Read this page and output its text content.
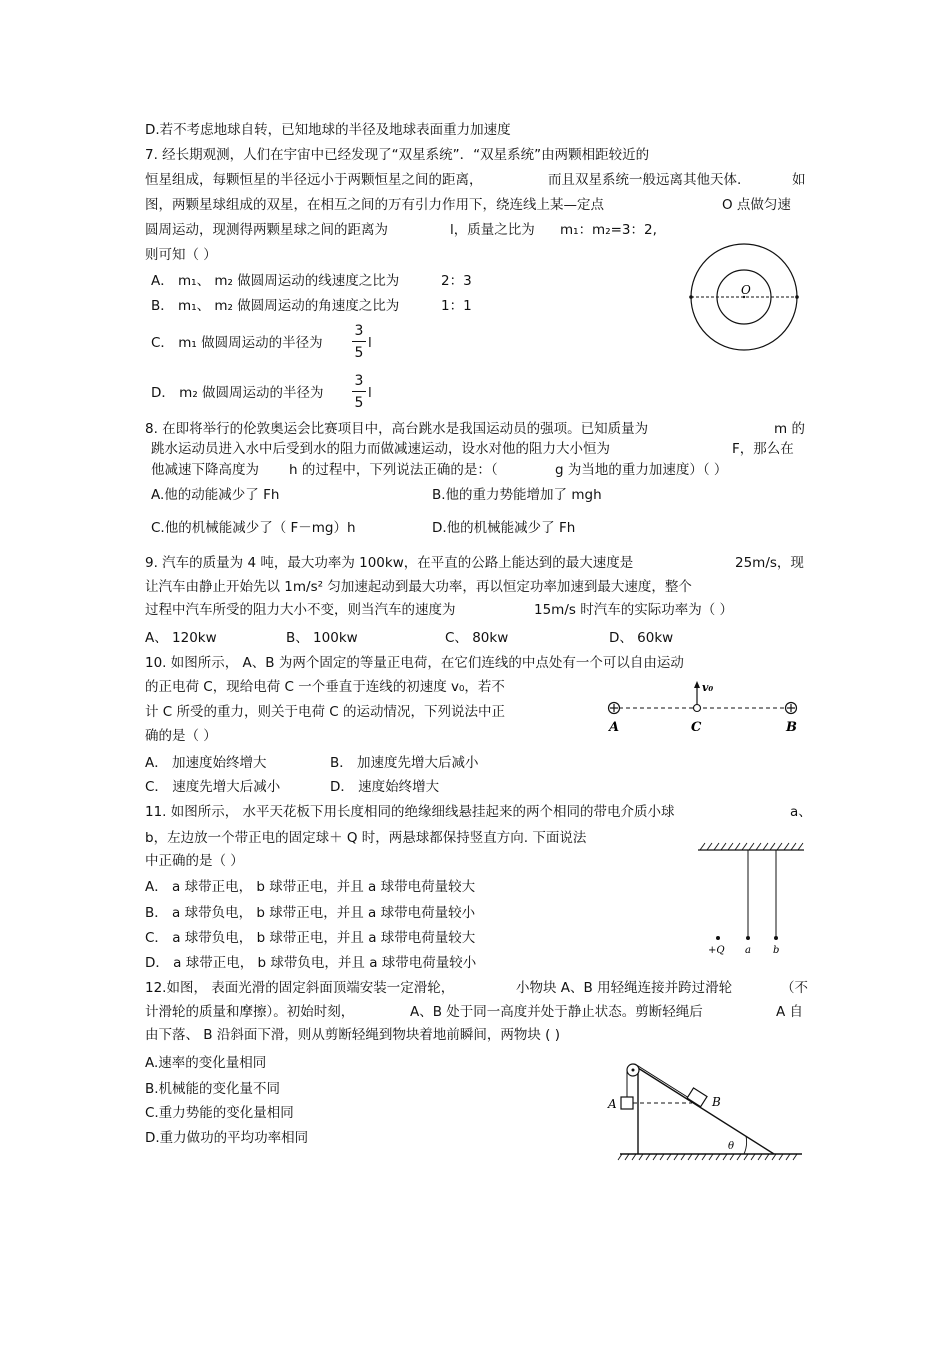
D.若不考虑地球自转，已知地球的半径及地球表面重力加速度
7. 经长期观测，人们在宇宙中已经发现了“双星系统”．“双星系统”由两颗相距较近的
恒星组成，每颗恒星的半径远小于两颗恒星之间的距离，	而且双星系统一般远离其他天体.	如
图，两颗星球组成的双星，在相互之间的万有引力作用下，绕连线上某—定点	O 点做匀速
圆周运动，现测得两颗星球之间的距离为	l，质量之比为 m₁：m₂=3：2,
则可知（ ）
A． m₁、 m₂ 做圆周运动的线速度之比为	2：3
B． m₁、 m₂ 做圆周运动的角速度之比为	1：1
C． m₁ 做圆周运动的半径为
3
5
l
D． m₂ 做圆周运动的半径为
3
5
l
O
8. 在即将举行的伦敦奥运会比赛项目中，高台跳水是我国运动员的强项。已知质量为	m 的
跳水运动员进入水中后受到水的阻力而做减速运动，设水对他的阻力大小恒为	F，那么在
他减速下降高度为 h 的过程中，下列说法正确的是：（	g 为当地的重力加速度）（ ）
A.他的动能减少了 Fh	B.他的重力势能增加了 mgh
C.他的机械能减少了（ F－mg）h	D.他的机械能减少了 Fh
9. 汽车的质量为 4 吨，最大功率为 100kw，在平直的公路上能达到的最大速度是	25m/s，现
让汽车由静止开始先以 1m/s² 匀加速起动到最大功率，再以恒定功率加速到最大速度，整个
过程中汽车所受的阻力大小不变，则当汽车的速度为	15m/s 时汽车的实际功率为（ ）
A、 120kw	B、 100kw	C、 80kw	D、 60kw
10. 如图所示， A、B 为两个固定的等量正电荷，在它们连线的中点处有一个可以自由运动
的正电荷 C，现给电荷 C 一个垂直于连线的初速度 v₀，若不
计 C 所受的重力，则关于电荷 C 的运动情况，下列说法中正
确的是（ ）
A． 加速度始终增大	B． 加速度先增大后减小
C． 速度先增大后减小	D． 速度始终增大
v₀
A	C	B
11. 如图所示， 水平天花板下用长度相同的绝缘细线悬挂起来的两个相同的带电介质小球	a、
b，左边放一个带正电的固定球＋ Q 时，两悬球都保持竖直方向. 下面说法
中正确的是（ ）
A． a 球带正电， b 球带正电，并且 a 球带电荷量较大
B． a 球带负电， b 球带正电，并且 a 球带电荷量较小
C． a 球带负电， b 球带正电，并且 a 球带电荷量较大
D． a 球带正电， b 球带负电，并且 a 球带电荷量较小
+Q a b
12.如图， 表面光滑的固定斜面顶端安装一定滑轮，	小物块 A、B 用轻绳连接并跨过滑轮	（不
计滑轮的质量和摩擦）。初始时刻，	A、B 处于同一高度并处于静止状态。剪断轻绳后	A 自
由下落、 B 沿斜面下滑，则从剪断轻绳到物块着地前瞬间，两物块 ( )
A.速率的变化量相同
B.机械能的变化量不同
C.重力势能的变化量相同
D.重力做功的平均功率相同
A	B
θ
